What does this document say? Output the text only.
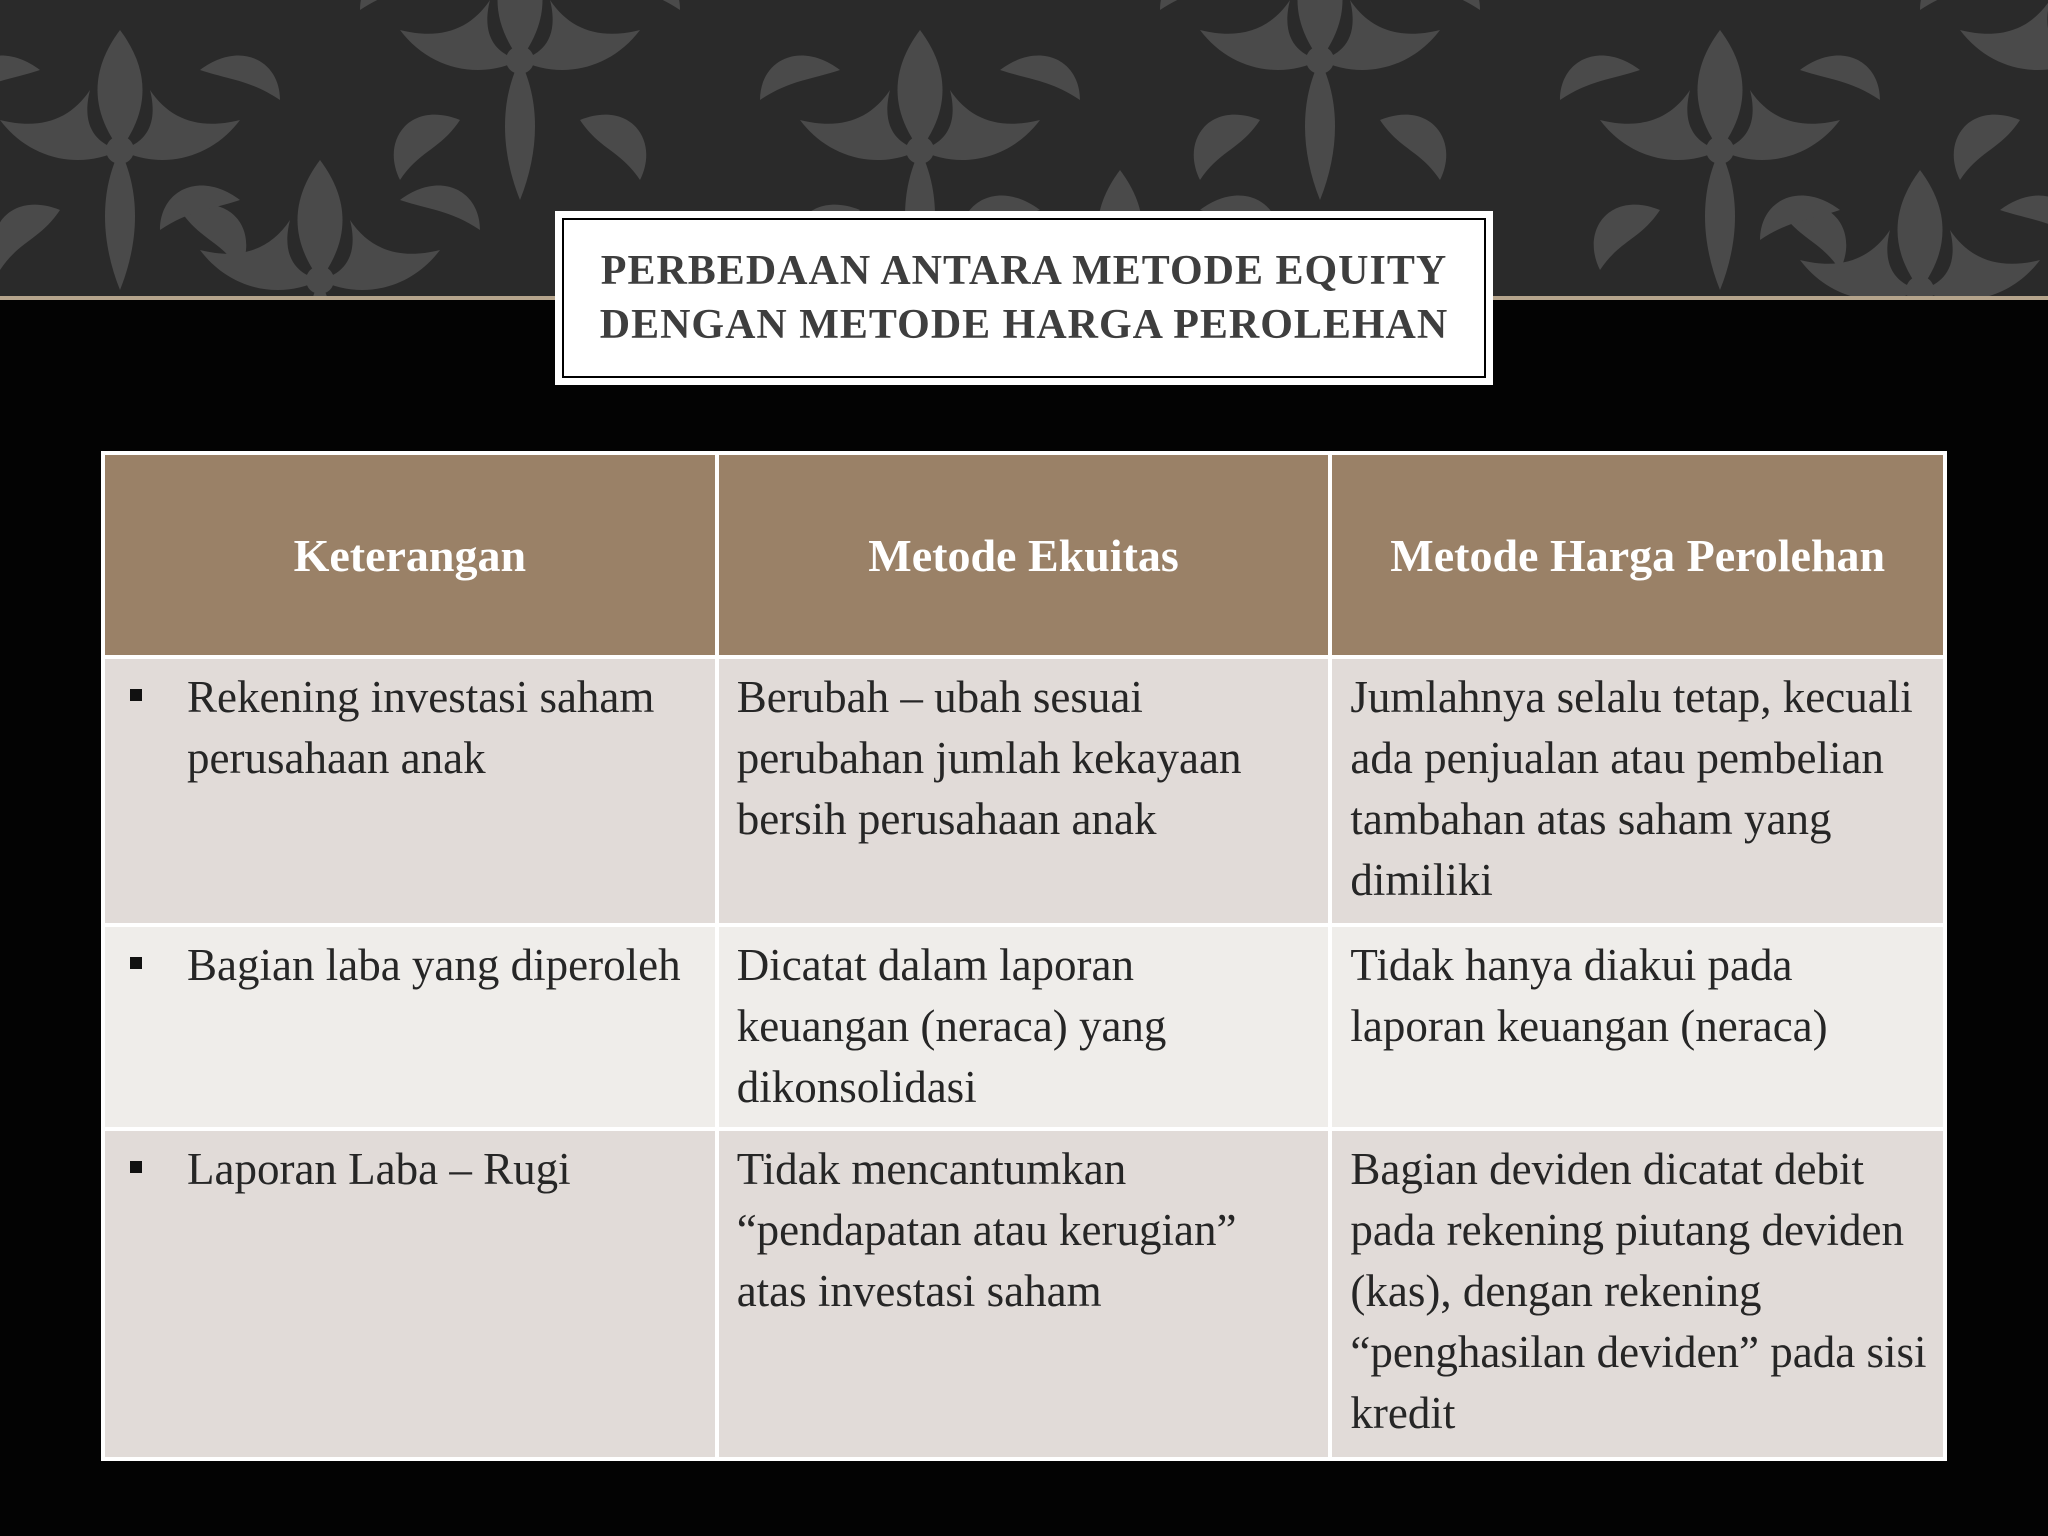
PERBEDAAN ANTARA METODE EQUITY DENGAN METODE HARGA PEROLEHAN

Keterangan	Metode Ekuitas	Metode Harga Perolehan

Rekening investasi saham perusahaan anak	Berubah – ubah sesuai perubahan jumlah kekayaan bersih perusahaan anak	Jumlahnya selalu tetap, kecuali ada penjualan atau pembelian tambahan atas saham yang dimiliki

Bagian laba yang diperoleh	Dicatat dalam laporan keuangan (neraca) yang dikonsolidasi	Tidak hanya diakui pada laporan keuangan (neraca)

Laporan Laba – Rugi	Tidak mencantumkan “pendapatan atau kerugian” atas investasi saham	Bagian deviden dicatat debit pada rekening piutang deviden (kas), dengan rekening “penghasilan deviden” pada sisi kredit
